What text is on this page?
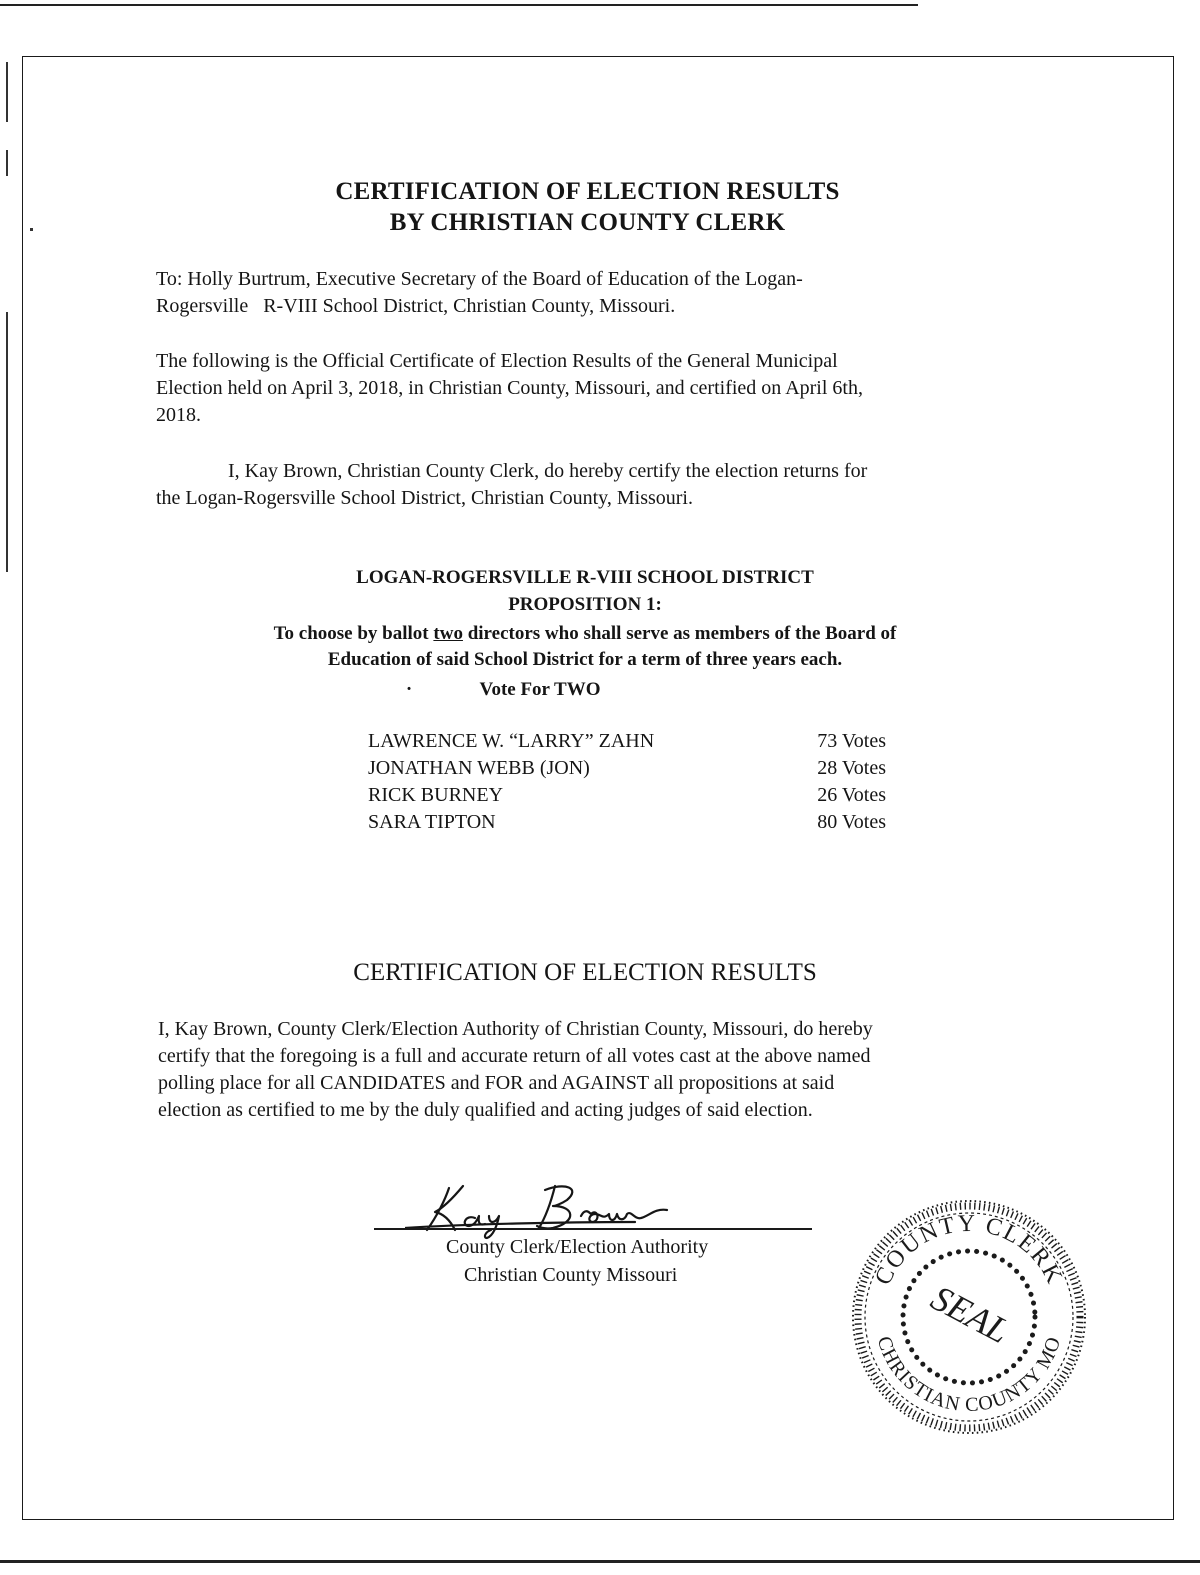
CERTIFICATION OF ELECTION RESULTS
BY CHRISTIAN COUNTY CLERK

To: Holly Burtrum, Executive Secretary of the Board of Education of the Logan-

Rogersville   R-VIII School District, Christian County, Missouri.

The following is the Official Certificate of Election Results of the General Municipal

Election held on April 3, 2018, in Christian County, Missouri, and certified on April 6th,

2018.

I, Kay Brown, Christian County Clerk, do hereby certify the election returns for

the Logan-Rogersville School District, Christian County, Missouri.

LOGAN-ROGERSVILLE R-VIII SCHOOL DISTRICT
PROPOSITION 1:
To choose by ballot two directors who shall serve as members of the Board of
Education of said School District for a term of three years each.
·	Vote For TWO
LAWRENCE W. “LARRY” ZAHN	73 Votes
JONATHAN WEBB (JON)	28 Votes
RICK BURNEY	26 Votes
SARA TIPTON	80 Votes
CERTIFICATION OF ELECTION RESULTS

I, Kay Brown, County Clerk/Election Authority of Christian County, Missouri, do hereby

certify that the foregoing is a full and accurate return of all votes cast at the above named

polling place for all CANDIDATES and FOR and AGAINST all propositions at said

election as certified to me by the duly qualified and acting judges of said election.

County Clerk/Election Authority
Christian County Missouri	COUNTY CLERK
CHRISTIAN COUNTY MO
SEAL
